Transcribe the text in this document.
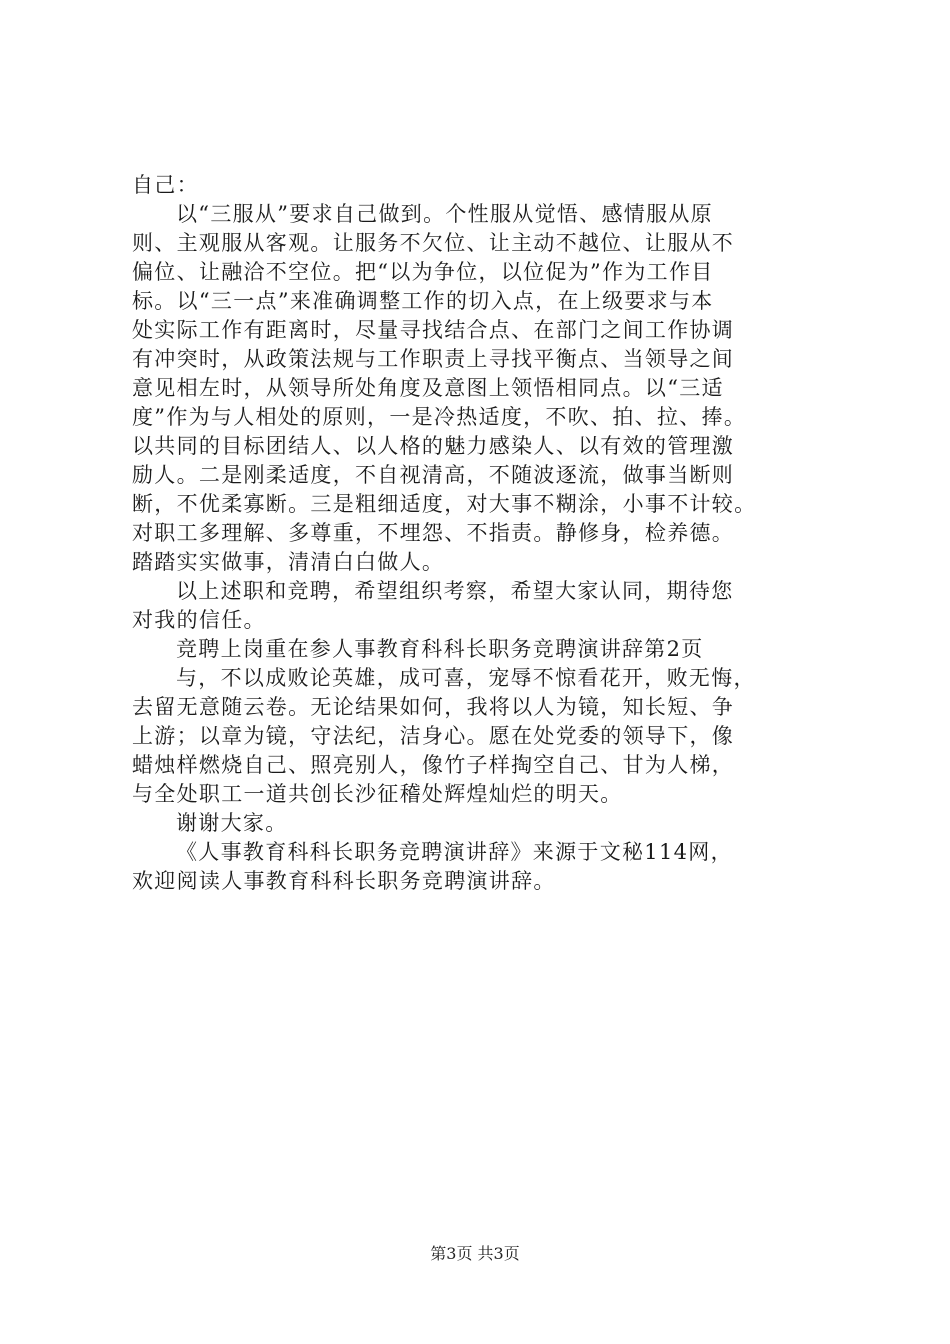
自己：
以“三服从”要求自己做到。个性服从觉悟、感情服从原
则、主观服从客观。让服务不欠位、让主动不越位、让服从不
偏位、让融洽不空位。把“以为争位，以位促为”作为工作目
标。以“三一点”来准确调整工作的切入点，在上级要求与本
处实际工作有距离时，尽量寻找结合点、在部门之间工作协调
有冲突时，从政策法规与工作职责上寻找平衡点、当领导之间
意见相左时，从领导所处角度及意图上领悟相同点。以“三适
度”作为与人相处的原则，一是冷热适度，不吹、拍、拉、捧。
以共同的目标团结人、以人格的魅力感染人、以有效的管理激
励人。二是刚柔适度，不自视清高，不随波逐流，做事当断则
断，不优柔寡断。三是粗细适度，对大事不糊涂，小事不计较。
对职工多理解、多尊重，不埋怨、不指责。静修身，检养德。
踏踏实实做事，清清白白做人。
以上述职和竞聘，希望组织考察，希望大家认同，期待您
对我的信任。
竞聘上岗重在参人事教育科科长职务竞聘演讲辞第2页
与，不以成败论英雄，成可喜，宠辱不惊看花开，败无悔，
去留无意随云卷。无论结果如何，我将以人为镜，知长短、争
上游；以章为镜，守法纪，洁身心。愿在处党委的领导下，像
蜡烛样燃烧自己、照亮别人，像竹子样掏空自己、甘为人梯，
与全处职工一道共创长沙征稽处辉煌灿烂的明天。
谢谢大家。
《人事教育科科长职务竞聘演讲辞》来源于文秘114网，
欢迎阅读人事教育科科长职务竞聘演讲辞。
第3页 共3页
